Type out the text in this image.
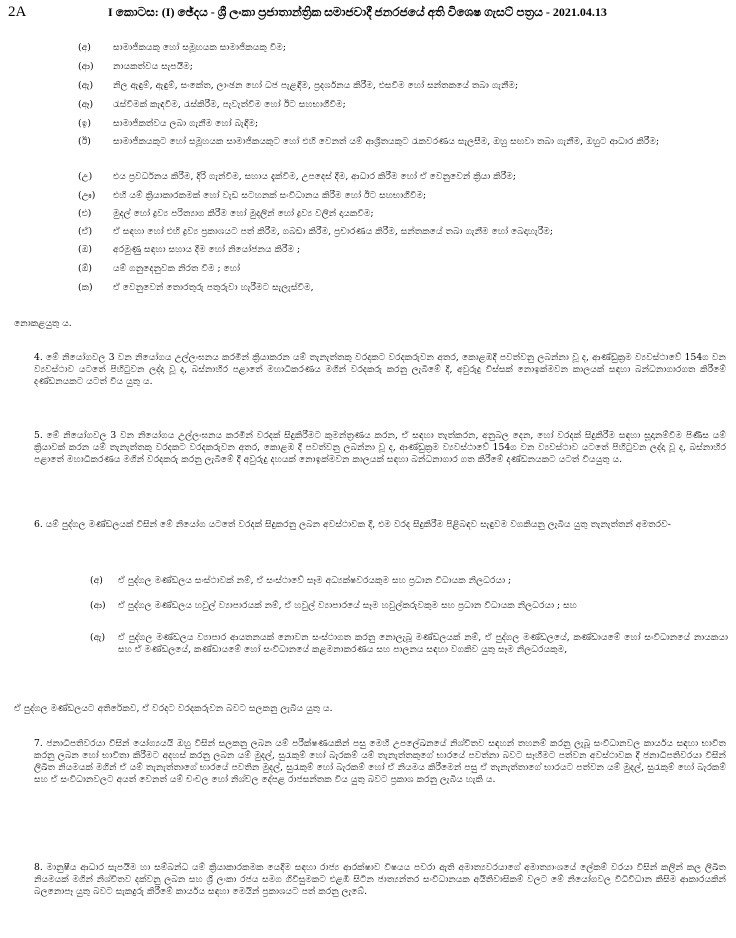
2A	I කොටස: (I) ඡේදය - ශ්‍රී ලංකා ප්‍රජාතාන්ත්‍රික සමාජවාදී ජනරජයේ අති විශෙෂ ගැසට් පත්‍රය - 2021.04.13
(අ)	සාමාජිකයකු හෝ සමූහයක සාමාජිකයකු වීම;
(ආ)	නායකත්වය සැපයීම;
(ඇ)	නිල ඇඳුම්, ඇඳුම්, සංකේත, ලාංඡන හෝ ධජ පැළඳීම, ප්‍රදර්ශනය කිරීම, එසවීම හෝ සන්තකයේ තබා ගැනීම;
(ඈ)	රැස්වීමක් කැඳවීම, රැස්කිරීම, පැවැත්වීම හෝ ඊට සහභාගීවීම;
(ඉ)	සාමාජිකත්වය ලබා ගැනීම හෝ බැඳීම;
(ඊ)	සාමාජිකයකුට හෝ සමූහයක සාමාජිකයකුට හෝ එහි වෙනත් යම් ආශ්‍රිතයකුට රැකවරණය සැලසීම, ඔහු සඟවා තබා ගැනීම, ඔහුට ආධාර කිරීම;
(උ)	එය ප්‍රවර්ධනය කිරීම, දිරි ගැන්වීම, සහාය දැක්වීම, උපදෙස් දීම, ආධාර කිරීම හෝ ඒ වෙනුවෙන් ක්‍රියා කිරීම;
(ඌ)	එහි යම් ක්‍රියාකාරකමක් හෝ වැඩ සටහනක් සංවිධානය කිරීම හෝ ඊට සහභාගීවීම;
(එ)	මුදල් හෝ ද්‍රව්‍ය පරිත්‍යාග කිරීම හෝ මුදලින් හෝ ද්‍රව්‍ය වලින් දායකවීම;
(ඒ)	ඒ සඳහා හෝ එහි ද්‍රව්‍ය ප්‍රකාශයට පත් කිරීම, ගබඩා කිරීම, ප්‍රචාරණය කිරීම, සන්තකයේ තබා ගැනීම හෝ බෙදාහැරීම;
(ඔ)	අරමුණු සඳහා සහාය දීම හෝ නියෝජනය කිරීම ;
(ඕ)	යම් ගනුදෙනුවක නිරත වීම ; හෝ
(ක)	ඒ වෙනුවෙන් තොරතුරු පතුරුවා හැරීමට සැලැස්වීම,
නොකළයුතු ය.
4. මේ නියෝගවල 3 වන නියෝගය උල්ලංඝනය කරමින් ක්‍රියාකරන යම් තැනැත්තකු වරදකට වරදකරුවන අතර, කොළඹදී පවත්වනු ලබන්නා වූ ද, ආණ්ඩුක්‍රම ව්‍යවස්ථාවේ 154ග වන ව්‍යවස්ථාව යටතේ පිහිටුවන ලද්දා වූ ද, බස්නාහිර පළාතේ මහාධිකරණය මගින් වරදකරු කරනු ලැබීමේ දී, අවුරුදු විස්සක් නොඉක්මවන කාලයක් සඳහා බන්ධනාගාරගත කිරීමේ දණ්ඩනයකට යටත් විය යුතු ය.
5. මේ නියෝගවල 3 වන නියෝගය උල්ලංඝනය කරමින් වරදක් සිදුකිරීමට කුමන්ත්‍රණය කරන, ඒ සඳහා තැත්කරන, අනුබල දෙන, හෝ වරදක් සිදුකිරීම සඳහා සූදානම්වීම පිණිස යම් ක්‍රියාවක් කරන යම් තැනැත්තකු වරදකට වරදකරුවන අතර, කොළඹ දී පවත්වනු ලබන්නා වූ ද, ආණ්ඩුක්‍රම ව්‍යවස්ථාවේ 154ග වන ව්‍යවස්ථාව යටතේ පිහිටුවන ලද්දා වූ ද, බස්නාහිර පළාතේ මහාධිකරණය මගින් වරදකරු කරනු ලැබීමේ දී අවුරුදු දහයක් නොඉක්මවන කාලයක් සඳහා බන්ධනාගාර ගත කිරීමේ දණ්ඩනයකට යටත් වියයුතු ය.
6. යම් පුද්ගල මණ්ඩලයක් විසින් මේ නියෝග යටතේ වරදක් සිදුකරනු ලබන අවස්ථාවක දී, එම වරද සිදුකිරීම පිළිබඳව සැඳුවම වගකියනු ලැබිය යුතු තැනැත්තන් අමතරව-
(අ) ඒ පුද්ගල මණ්ඩලය සංස්ථාවක් නම්, ඒ සංස්ථාවේ සෑම අධ්‍යක්ෂවරයකුම සහ ප්‍රධාන විධායක නිලධරයා ;
(ආ) ඒ පුද්ගල මණ්ඩලය හවුල් ව්‍යාපාරයක් නම්, ඒ හවුල් ව්‍යාපාරයේ සෑම හවුල්කරුවකුම සහ ප්‍රධාන විධායක නිලධරයා ; සහ
(ඇ) ඒ පුද්ගල මණ්ඩලය ව්‍යාපාර ආයතනයක් නොවන සංස්ථාගත කරනු නොලැබූ මණ්ඩලයක් නම්, ඒ පුද්ගල මණ්ඩලයේ, කණ්ඩායමේ හෝ සංවිධානයේ නායකයා සහ ඒ මණ්ඩලයේ, කණ්ඩායමේ හෝ සංවිධානයේ කළමනාකරණය සහ පාලනය සඳහා වගකිව යුතු සෑම නිලධරයකුම,
ඒ පුද්ගල මණ්ඩලයට අතිරේකව, ඒ වරදට වරදකරුවන බවට සලකනු ලැබිය යුතු ය.
7. ජනාධිපතිවරයා විසින් යෝග්‍යයයි ඔහු විසින් සලකනු ලබන යම් පරීක්ෂණයකින් පසු මෙහි උපලේඛනයේ නිශ්චිතව සඳහන් තහනම් කරනු ලැබූ සංවිධානවල කාර්යය සඳහා භාවිත කරනු ලබන හෝ භාවිතා කිරීමට අදහස් කරනු ලබන යම් මුදල්, සුරැකුම් හෝ බැරකම් යම් තැනැත්තකුගේ භාරයේ පවත්නා බවට සෑහීමට පත්වන අවස්ථාවක දී ජනාධිපතිවරයා විසින් ලිඛිත නියමයක් මගින් ඒ යම් තැනැත්තාගේ භාරයේ පවතින මුදල්, සුරැකුම් හෝ බැරකම් හෝ ඒ නියමය කිරීමෙන් පසු ඒ තැනැත්තාගේ භාරයට පත්වන යම් මුදල්, සුරැකුම් හෝ බැරකම් සහ ඒ සංවිධානවලට අයත් වෙනත් යම් චංචල හෝ නිශ්චල දේපළ රාජසන්තක විය යුතු බවට ප්‍රකාශ කරනු ලැබිය හැකි ය.
8. මානුෂීය ආධාර සැපයීම හා සම්බන්ධ යම් ක්‍රියාකාරකමක යෙදීම සඳහා රාජ්‍ය ආරක්ෂාව විෂයය පවරා ඇති අමාත්‍යවරයාගේ අමාත්‍යාංශයේ ලේකම් වරයා විසින් කලින් කල ලිඛිත නියමයක් මගින් නිශ්චිතව දක්වනු ලබන සහ ශ්‍රී ලංකා රජය සමග ගිවිසුමකට එළඹී සිටින ජාත්‍යන්තර සංවිධානයක අයිතිවාසිකම් වලට මේ නියෝගවල විධිවිධාන කිසිම ආකාරයකින් බලනොපෑ යුතු බවට සැකදුරු කිරීමේ කාර්යය සඳහා මෙයින් ප්‍රකාශයට පත් කරනු ලැබේ.
